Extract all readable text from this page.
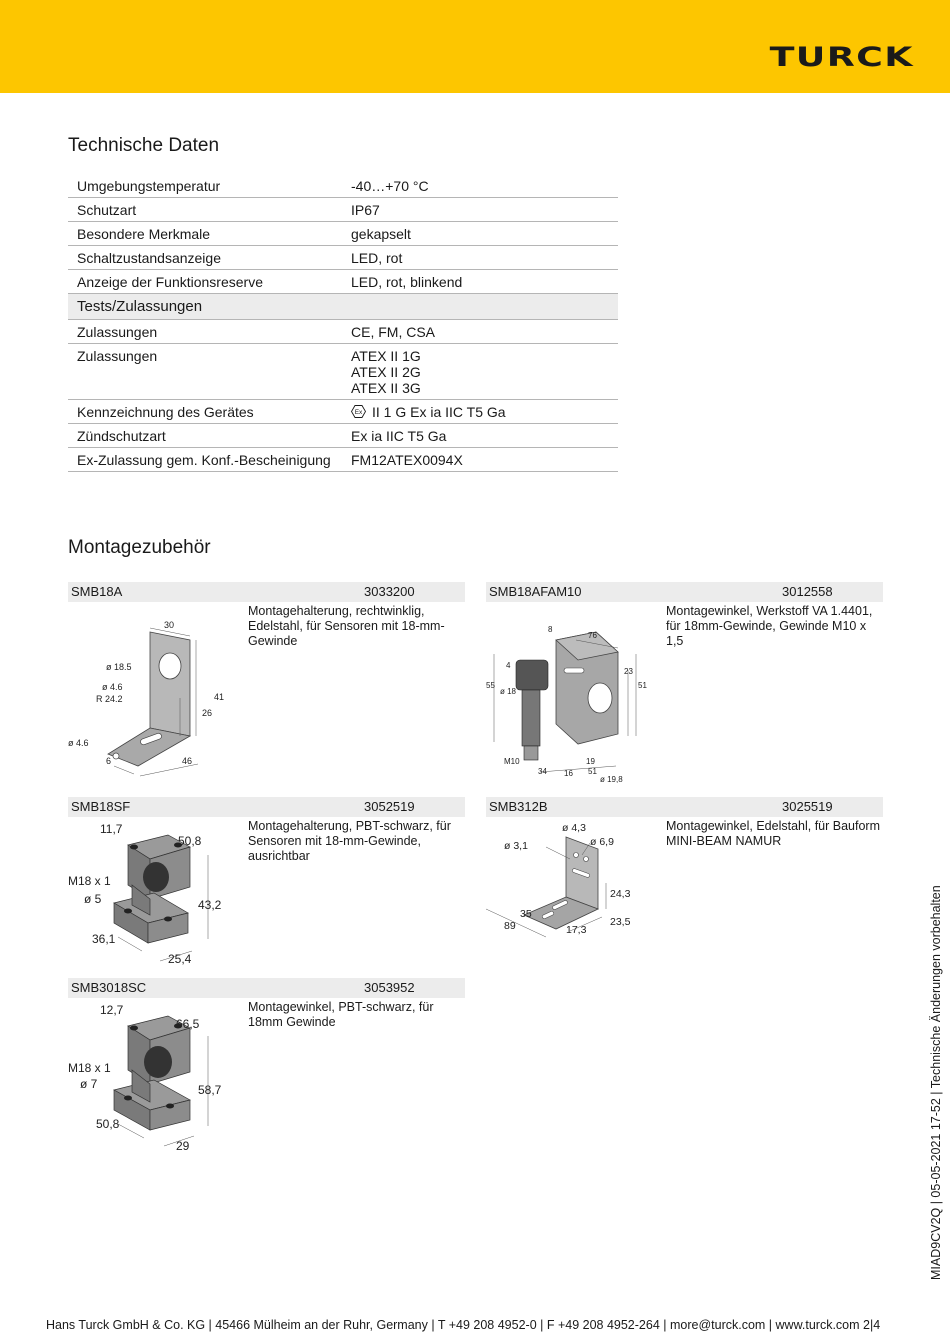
TURCK
Technische Daten
Umgebungstemperatur	-40…+70 °C
Schutzart	IP67
Besondere Merkmale	gekapselt
Schaltzustandsanzeige	LED, rot
Anzeige der Funktionsreserve	LED, rot, blinkend
Tests/Zulassungen	
Zulassungen	CE, FM, CSA
Zulassungen	ATEX II 1G
ATEX II 2G
ATEX II 3G

Kennzeichnung des Gerätes	Ex II 1 G Ex ia IIC T5 Ga
Zündschutzart	Ex ia IIC T5 Ga
Ex-Zulassung gem. Konf.-Bescheinigung	FM12ATEX0094X
Montagezubehör
SMB18A	3033200
30
ø 18.5
ø 4.6
R 24.2	41
26
ø 4.6
6	46
Montagehalterung, rechtwinklig, Edelstahl, für Sensoren mit 18-mm-Gewinde
SMB18AFAM10	3012558
8
76
4
55
ø 18
23
51
M10
34 16
19
51
ø 19,8
Montagewinkel, Werkstoff VA 1.4401, für 18mm-Gewinde, Gewinde M10 x 1,5
SMB18SF	3052519
11,7
50,8
M18 x 1
ø 5	43,2
36,1
25,4
Montagehalterung, PBT-schwarz, für Sensoren mit 18-mm-Gewinde, ausrichtbar
SMB312B	3025519
ø 4,3
ø 3,1	ø 6,9
24,3
35
89	17,3
23,5
Montagewinkel, Edelstahl, für Bauform MINI-BEAM NAMUR
SMB3018SC	3053952
12,7
66,5
M18 x 1
ø 7	58,7
50,8
29
Montagewinkel, PBT-schwarz, für 18mm Gewinde	MIAD9CV2Q | 05-05-2021 17-52 | Technische Änderungen vorbehalten
Hans Turck GmbH & Co. KG | 45466 Mülheim an der Ruhr, Germany | T +49 208 4952-0 | F +49 208 4952-264 | more@turck.com | www.turck.com 2|4
